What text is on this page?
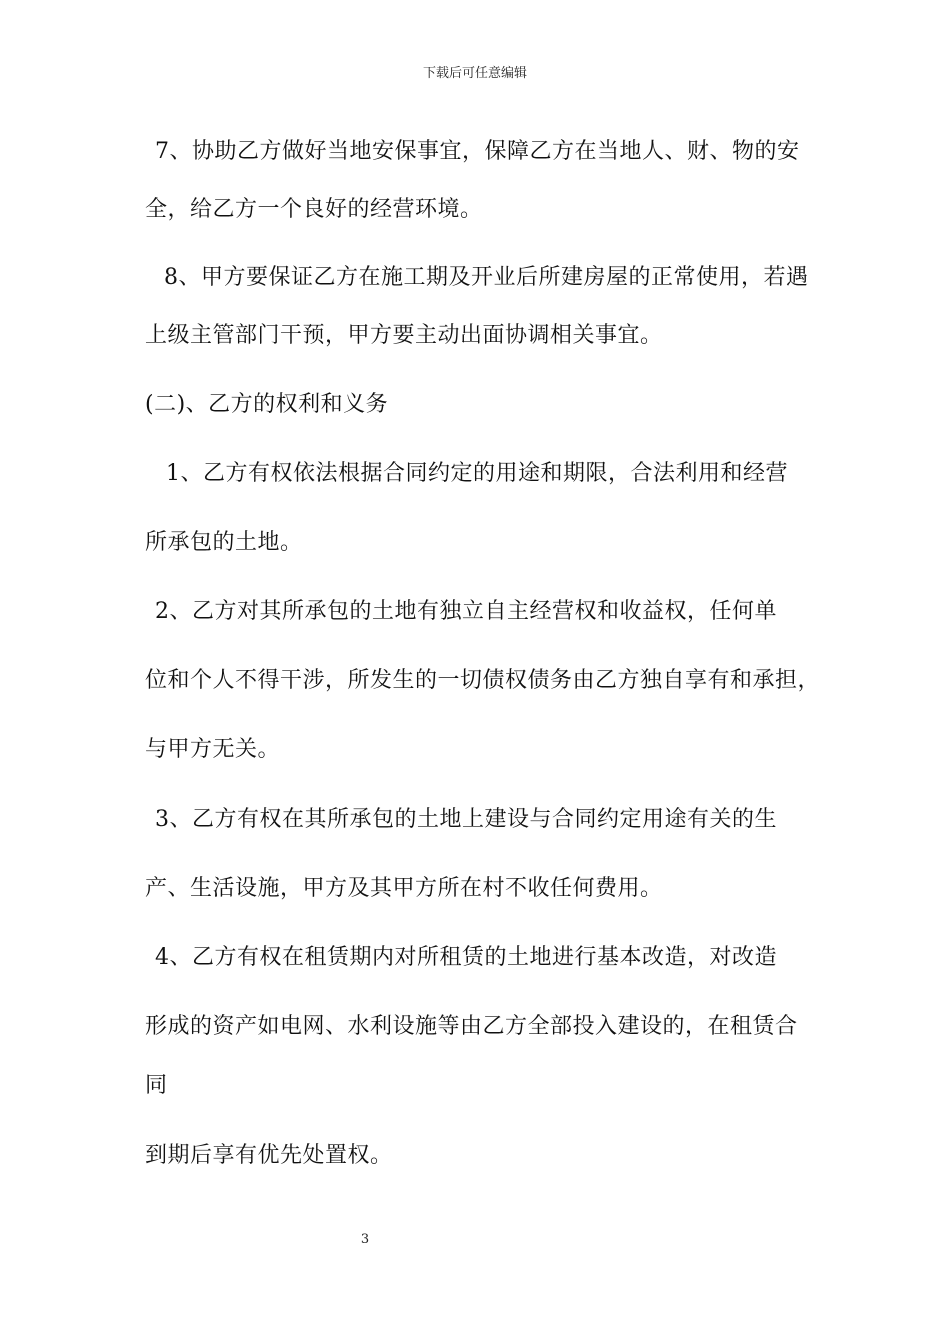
下载后可任意编辑
7、协助乙方做好当地安保事宜，保障乙方在当地人、财、物的安
全，给乙方一个良好的经营环境。
8、甲方要保证乙方在施工期及开业后所建房屋的正常使用，若遇
上级主管部门干预，甲方要主动出面协调相关事宜。
(二)、乙方的权利和义务
1、乙方有权依法根据合同约定的用途和期限，合法利用和经营
所承包的土地。
2、乙方对其所承包的土地有独立自主经营权和收益权，任何单
位和个人不得干涉，所发生的一切债权债务由乙方独自享有和承担，
与甲方无关。
3、乙方有权在其所承包的土地上建设与合同约定用途有关的生
产、生活设施，甲方及其甲方所在村不收任何费用。
4、乙方有权在租赁期内对所租赁的土地进行基本改造，对改造
形成的资产如电网、水利设施等由乙方全部投入建设的，在租赁合
同
到期后享有优先处置权。
3
